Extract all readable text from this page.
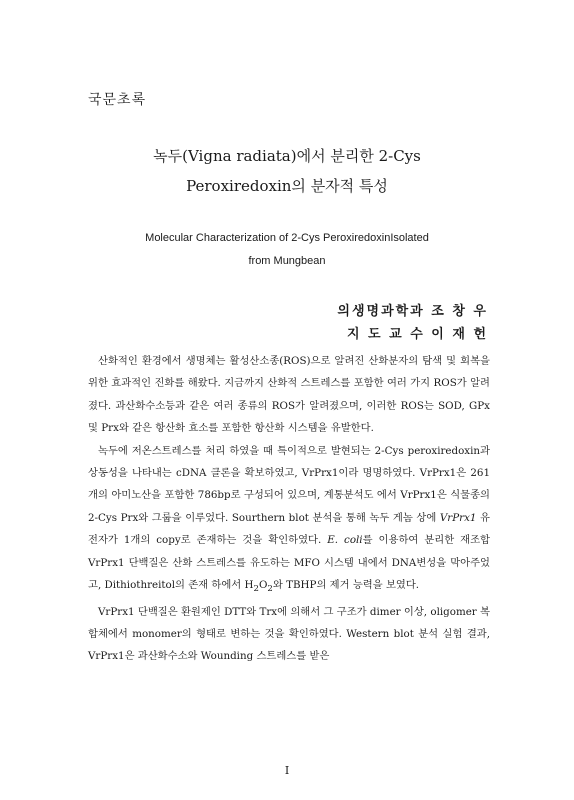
국문초록
녹두(Vigna radiata)에서 분리한 2-Cys
Peroxiredoxin의 분자적 특성
Molecular Characterization of 2-Cys PeroxiredoxinIsolated
from Mungbean
의생명과학과 조 창 우
지 도 교 수 이 재 헌

산화적인 환경에서 생명체는 활성산소종(ROS)으로 알려진 산화분자의 탐색 및 회복을 위한 효과적인 진화를 해왔다. 지금까지 산화적 스트레스를 포함한 여러 가지 ROS가 알려졌다. 과산화수소등과 같은 여러 종류의 ROS가 알려졌으며, 이러한 ROS는 SOD, GPx 및 Prx와 같은 항산화 효소를 포함한 항산화 시스템을 유발한다.

녹두에 저온스트레스를 처리 하였을 때 특이적으로 발현되는 2-Cys peroxiredoxin과 상동성을 나타내는 cDNA 클론을 확보하였고, VrPrx1이라 명명하였다. VrPrx1은 261개의 아미노산을 포함한 786bp로 구성되어 있으며, 계통분석도 에서 VrPrx1은 식물종의 2-Cys Prx와 그룹을 이루었다. Sourthern blot 분석을 통해 녹두 게놈 상에 VrPrx1 유전자가 1개의 copy로 존재하는 것을 확인하였다. E. coli를 이용하여 분리한 재조합 VrPrx1 단백질은 산화 스트레스를 유도하는 MFO 시스템 내에서 DNA변성을 막아주었고, Dithiothreitol의 존재 하에서 $H_2O_2$와 TBHP의 제거 능력을 보였다.

VrPrx1 단백질은 환원제인 DTT와 Trx에 의해서 그 구조가 dimer 이상, oligomer 복합체에서 monomer의 형태로 변하는 것을 확인하였다. Western blot 분석 실험 결과, VrPrx1은 과산화수소와 Wounding 스트레스를 받은

I
